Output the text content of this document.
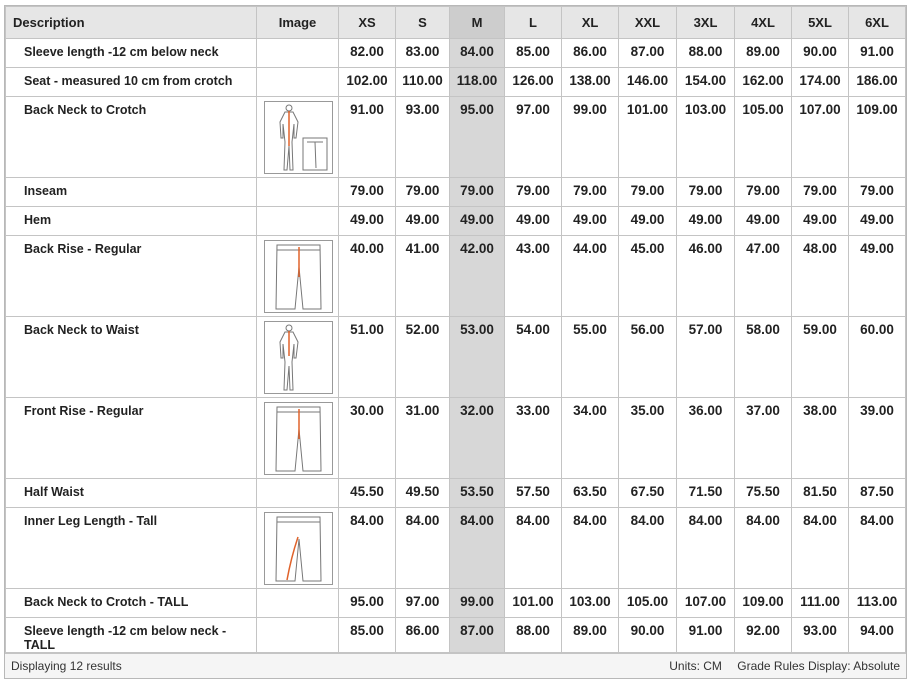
Description	Image	XS	S	M	L	XL	XXL	3XL	4XL	5XL	6XL
Sleeve length -12 cm below neck		82.00	83.00	84.00	85.00	86.00	87.00	88.00	89.00	90.00	91.00
Seat - measured 10 cm from crotch		102.00	110.00	118.00	126.00	138.00	146.00	154.00	162.00	174.00	186.00
Back Neck to Crotch		91.00	93.00	95.00	97.00	99.00	101.00	103.00	105.00	107.00	109.00
Inseam		79.00	79.00	79.00	79.00	79.00	79.00	79.00	79.00	79.00	79.00
Hem		49.00	49.00	49.00	49.00	49.00	49.00	49.00	49.00	49.00	49.00
Back Rise - Regular		40.00	41.00	42.00	43.00	44.00	45.00	46.00	47.00	48.00	49.00
Back Neck to Waist		51.00	52.00	53.00	54.00	55.00	56.00	57.00	58.00	59.00	60.00
Front Rise - Regular		30.00	31.00	32.00	33.00	34.00	35.00	36.00	37.00	38.00	39.00
Half Waist		45.50	49.50	53.50	57.50	63.50	67.50	71.50	75.50	81.50	87.50
Inner Leg Length - Tall		84.00	84.00	84.00	84.00	84.00	84.00	84.00	84.00	84.00	84.00
Back Neck to Crotch - TALL		95.00	97.00	99.00	101.00	103.00	105.00	107.00	109.00	111.00	113.00
Sleeve length -12 cm below neck - TALL		85.00	86.00	87.00	88.00	89.00	90.00	91.00	92.00	93.00	94.00
Displaying 12 results	Units: CM Grade Rules Display: Absolute
